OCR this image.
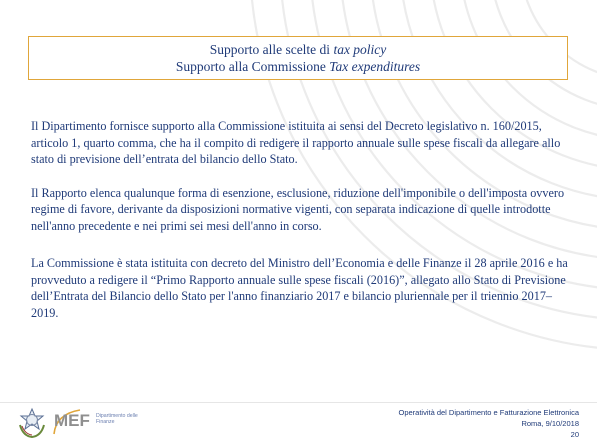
Supporto alle scelte di tax policy
Supporto alla Commissione Tax expenditures

Il Dipartimento fornisce supporto alla Commissione istituita ai sensi del Decreto legislativo n. 160/2015, articolo 1, quarto comma, che ha il compito di redigere il rapporto annuale sulle spese fiscali da allegare allo stato di previsione dell’entrata del bilancio dello Stato.

Il Rapporto elenca qualunque forma di esenzione, esclusione, riduzione dell'imponibile o dell'imposta ovvero regime di favore, derivante da disposizioni normative vigenti, con separata indicazione di quelle introdotte nell'anno precedente e nei primi sei mesi dell'anno in corso.

La Commissione è stata istituita con decreto del Ministro dell’Economia e delle Finanze il 28 aprile 2016 e ha provveduto a redigere il “Primo Rapporto annuale sulle spese fiscali (2016)”, allegato allo Stato di Previsione dell’Entrata del Bilancio dello Stato per l'anno finanziario 2017 e bilancio pluriennale per il triennio 2017–2019.

MEF Dipartimento delle Finanze
Operatività del Dipartimento e Fatturazione Elettronica
Roma, 9/10/2018
20
